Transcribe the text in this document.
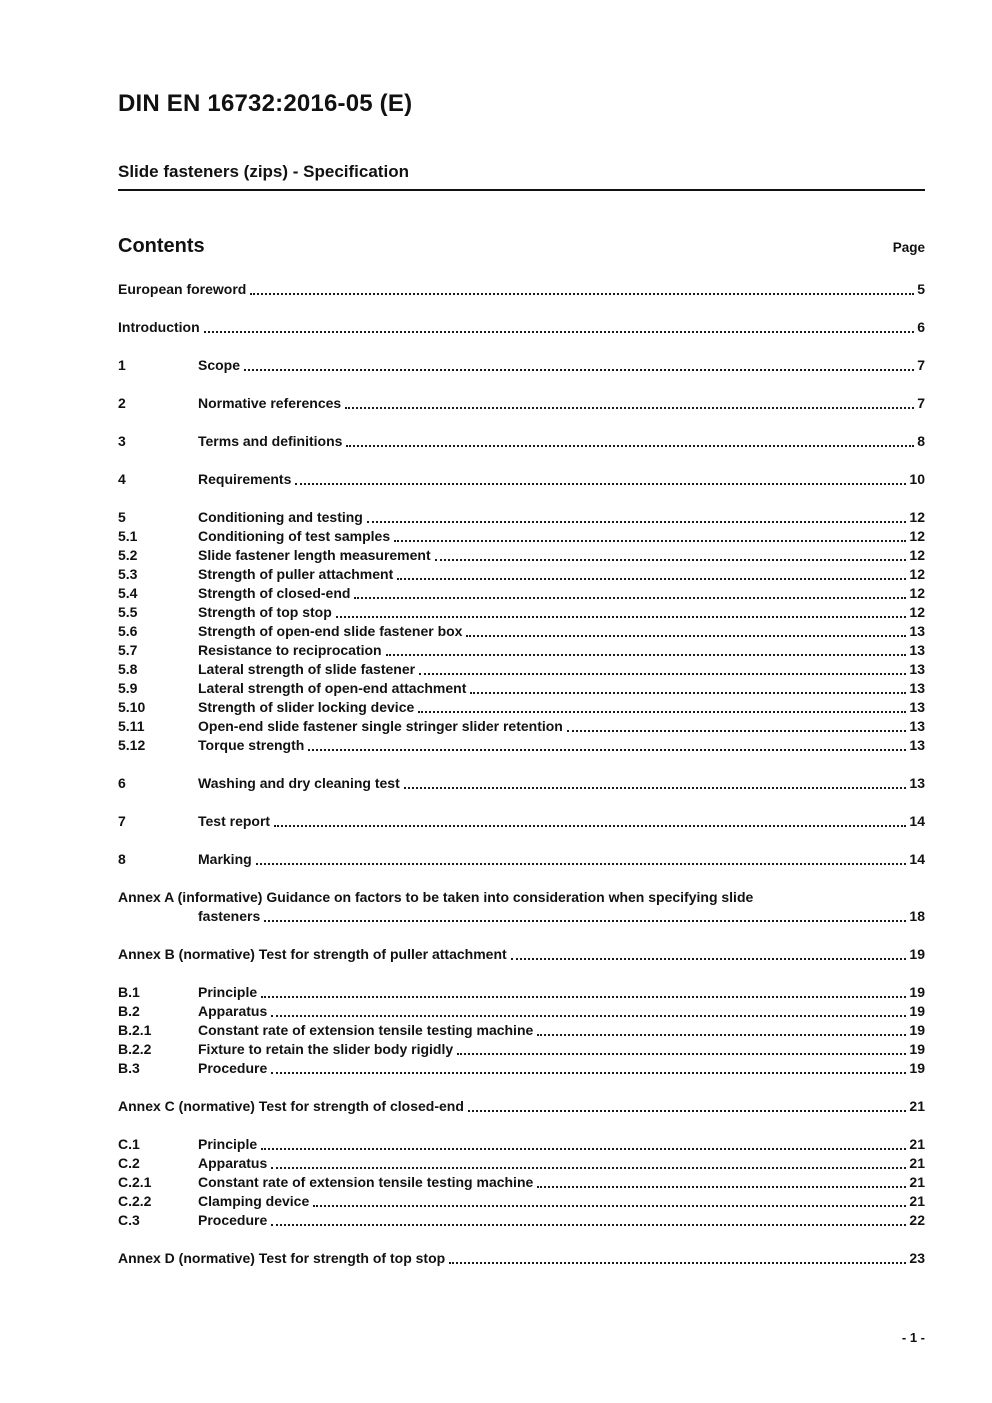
DIN EN 16732:2016-05 (E)
Slide fasteners (zips) - Specification
Contents	Page
European foreword	5
Introduction	6
1	Scope	7
2	Normative references	7
3	Terms and definitions	8
4	Requirements	10
5	Conditioning and testing	12
5.1	Conditioning of test samples	12
5.2	Slide fastener length measurement	12
5.3	Strength of puller attachment	12
5.4	Strength of closed-end	12
5.5	Strength of top stop	12
5.6	Strength of open-end slide fastener box	13
5.7	Resistance to reciprocation	13
5.8	Lateral strength of slide fastener	13
5.9	Lateral strength of open-end attachment	13
5.10	Strength of slider locking device	13
5.11	Open-end slide fastener single stringer slider retention	13
5.12	Torque strength	13
6	Washing and dry cleaning test	13
7	Test report	14
8	Marking	14
Annex A (informative) Guidance on factors to be taken into consideration when specifying slide
fasteners	18
Annex B (normative) Test for strength of puller attachment	19
B.1	Principle	19
B.2	Apparatus	19
B.2.1	Constant rate of extension tensile testing machine	19
B.2.2	Fixture to retain the slider body rigidly	19
B.3	Procedure	19
Annex C (normative) Test for strength of closed-end	21
C.1	Principle	21
C.2	Apparatus	21
C.2.1	Constant rate of extension tensile testing machine	21
C.2.2	Clamping device	21
C.3	Procedure	22
Annex D (normative) Test for strength of top stop	23
- 1 -
